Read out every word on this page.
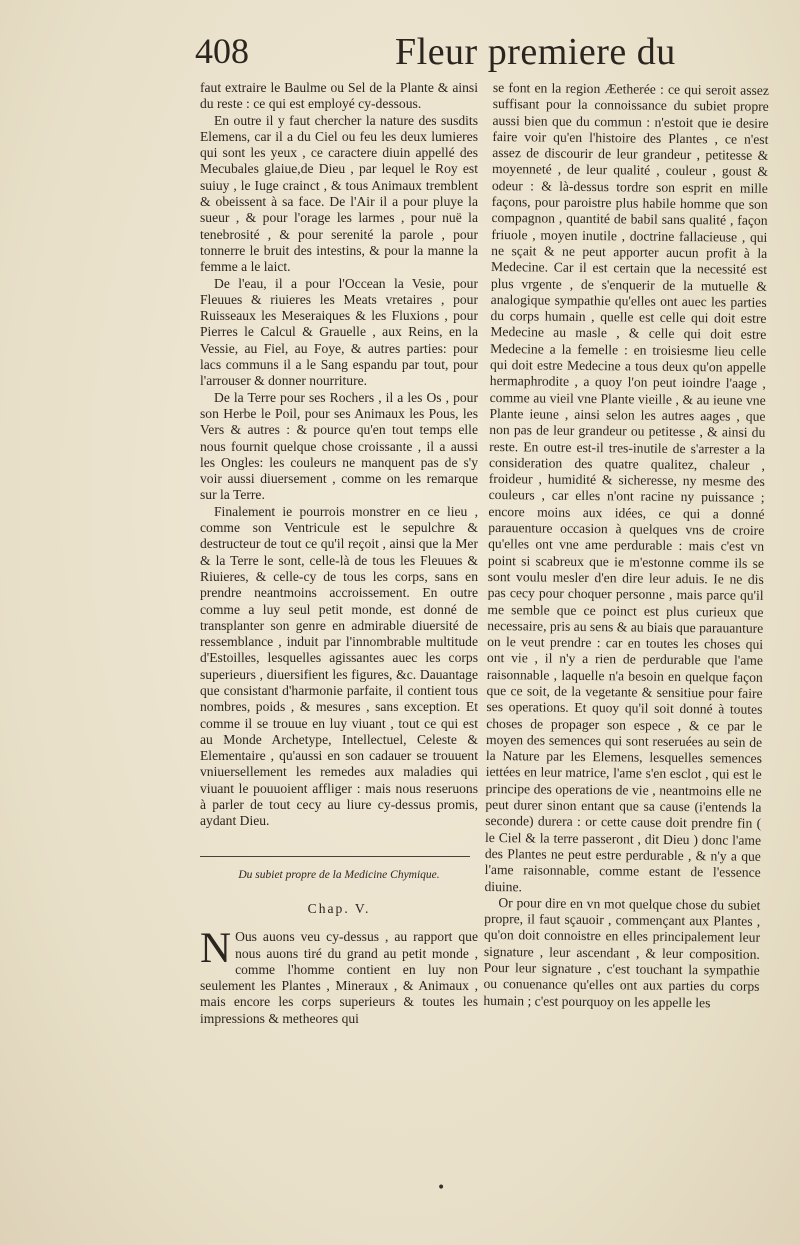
408	Fleur premiere du

faut extraire le Baulme ou Sel de la Plante & ainsi du reste : ce qui est employé cy-dessous.

En outre il y faut chercher la nature des susdits Elemens, car il a du Ciel ou feu les deux lumieres qui sont les yeux , ce caractere diuin appellé des Mecubales glaiue,de Dieu , par lequel le Roy est suiuy , le Iuge crainct , & tous Animaux tremblent & obeissent à sa face. De l'Air il a pour pluye la sueur , & pour l'orage les larmes , pour nuë la tenebrosité , & pour serenité la parole , pour tonnerre le bruit des intestins, & pour la manne la femme a le laict.

De l'eau, il a pour l'Occean la Vesie, pour Fleuues & riuieres les Meats vretaires , pour Ruisseaux les Meseraiques & les Fluxions , pour Pierres le Calcul & Grauelle , aux Reins, en la Vessie, au Fiel, au Foye, & autres parties: pour lacs communs il a le Sang espandu par tout, pour l'arrouser & donner nourriture.

De la Terre pour ses Rochers , il a les Os , pour son Herbe le Poil, pour ses Animaux les Pous, les Vers & autres : & pource qu'en tout temps elle nous fournit quelque chose croissante , il a aussi les Ongles: les couleurs ne manquent pas de s'y voir aussi diuersement , comme on les remarque sur la Terre.

Finalement ie pourrois monstrer en ce lieu , comme son Ventricule est le sepulchre & destructeur de tout ce qu'il reçoit , ainsi que la Mer & la Terre le sont, celle-là de tous les Fleuues & Riuieres, & celle-cy de tous les corps, sans en prendre neantmoins accroissement. En outre comme a luy seul petit monde, est donné de transplanter son genre en admirable diuersité de ressemblance , induit par l'innombrable multitude d'Estoilles, lesquelles agissantes auec les corps superieurs , diuersifient les figures, &c. Dauantage que consistant d'harmonie parfaite, il contient tous nombres, poids , & mesures , sans exception. Et comme il se trouue en luy viuant , tout ce qui est au Monde Archetype, Intellectuel, Celeste & Elementaire , qu'aussi en son cadauer se trouuent vniuersellement les remedes aux maladies qui viuant le pouuoient affliger : mais nous reseruons à parler de tout cecy au liure cy-dessus promis, aydant Dieu.

Du subiet propre de la Medicine Chymique.
Chap. V.

N Ous auons veu cy-dessus , au rapport que nous auons tiré du grand au petit monde , comme l'homme contient en luy non seulement les Plantes , Mineraux , & Animaux , mais encore les corps superieurs & toutes les impressions & metheores qui

se font en la region Æetherée : ce qui seroit assez suffisant pour la connoissance du subiet propre aussi bien que du commun : n'estoit que ie desire faire voir qu'en l'histoire des Plantes , ce n'est assez de discourir de leur grandeur , petitesse & moyenneté , de leur qualité , couleur , goust & odeur : & là-dessus tordre son esprit en mille façons, pour paroistre plus habile homme que son compagnon , quantité de babil sans qualité , façon friuole , moyen inutile , doctrine fallacieuse , qui ne sçait & ne peut apporter aucun profit à la Medecine. Car il est certain que la necessité est plus vrgente , de s'enquerir de la mutuelle & analogique sympathie qu'elles ont auec les parties du corps humain , quelle est celle qui doit estre Medecine au masle , & celle qui doit estre Medecine a la femelle : en troisiesme lieu celle qui doit estre Medecine a tous deux qu'on appelle hermaphrodite , a quoy l'on peut ioindre l'aage , comme au vieil vne Plante vieille , & au ieune vne Plante ieune , ainsi selon les autres aages , que non pas de leur grandeur ou petitesse , & ainsi du reste. En outre est-il tres-inutile de s'arrester a la consideration des quatre qualitez, chaleur , froideur , humidité & sicheresse, ny mesme des couleurs , car elles n'ont racine ny puissance ; encore moins aux idées, ce qui a donné parauenture occasion à quelques vns de croire qu'elles ont vne ame perdurable : mais c'est vn point si scabreux que ie m'estonne comme ils se sont voulu mesler d'en dire leur aduis. Ie ne dis pas cecy pour choquer personne , mais parce qu'il me semble que ce poinct est plus curieux que necessaire, pris au sens & au biais que parauanture on le veut prendre : car en toutes les choses qui ont vie , il n'y a rien de perdurable que l'ame raisonnable , laquelle n'a besoin en quelque façon que ce soit, de la vegetante & sensitiue pour faire ses operations. Et quoy qu'il soit donné à toutes choses de propager son espece , & ce par le moyen des semences qui sont reseruées au sein de la Nature par les Elemens, lesquelles semences iettées en leur matrice, l'ame s'en esclot , qui est le principe des operations de vie , neantmoins elle ne peut durer sinon entant que sa cause (i'entends la seconde) durera : or cette cause doit prendre fin ( le Ciel & la terre passeront , dit Dieu ) donc l'ame des Plantes ne peut estre perdurable , & n'y a que l'ame raisonnable, comme estant de l'essence diuine.

Or pour dire en vn mot quelque chose du subiet propre, il faut sçauoir , commençant aux Plantes , qu'on doit connoistre en elles principalement leur signature , leur ascendant , & leur composition. Pour leur signature , c'est touchant la sympathie ou conuenance qu'elles ont aux parties du corps humain ; c'est pourquoy on les appelle les

•
